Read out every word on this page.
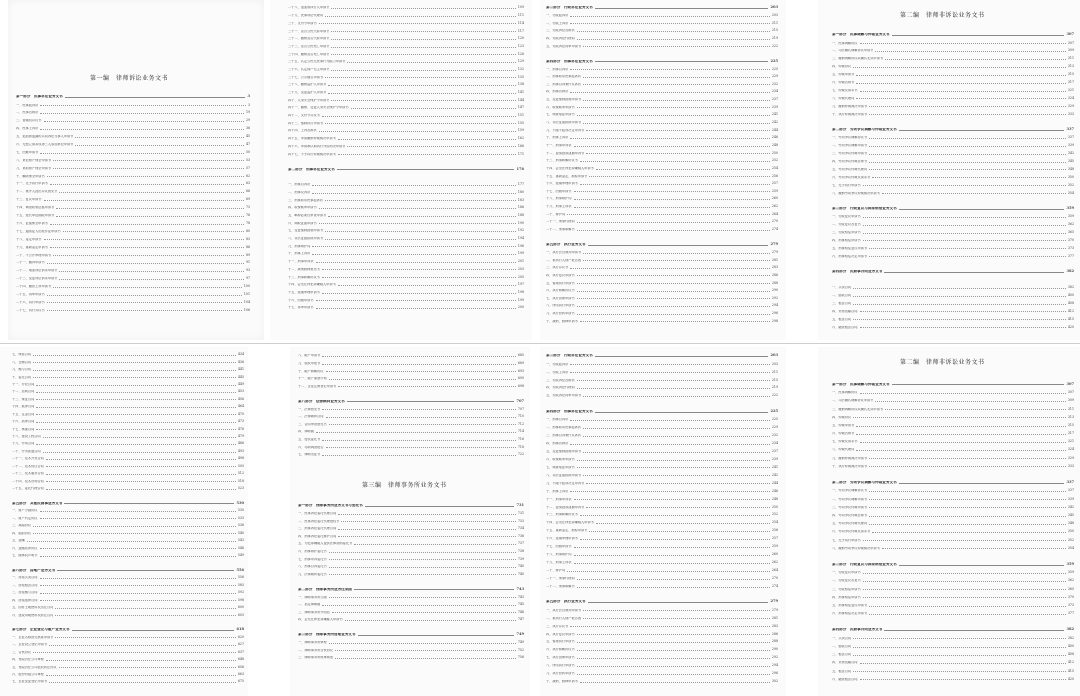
第一编　律师诉讼业务文书
第一部分　民事诉讼业务文书	3
一、民事起诉状	3
二、民事答辩状	19
三、管辖权异议书	29
四、民事上诉状	36
五、追加被遗漏的共同诉讼当事人申请书	45
六、无独立请求权第三人参加诉讼申请书	47
七、回避申请书	50
八、诉讼财产保全申请书	53
九、诉前财产保全申请书	57
十、解除保全申请书	62
十一、先予执行申请书	63
十二、案外人提出异议意见书	66
十三、复议申请书	69
十四、调查收集证据申请书	73
十五、延长举证期限申请书	76
十六、证据保全申请书	78
十七、通知证人出庭作证申请书	80
十八、鉴定申请书	83
十九、重新鉴定申请书	86
二十、不公开审理申请书	89
二十一、撤诉申请书	91
二十二、增加诉讼请求申请书	93
二十三、变更诉讼请求申请书	97
二十四、撤回上诉申请书	100
二十五、再审申请书	101
二十六、执行申请书	104
二十七、执行异议书	106
二十八、追加被执行人申请书	109
二十九、民事诉讼代理词	111
三十、支付令申请书	114
三十一、宣告公民失踪申请书	117
三十二、撤销宣告失踪申请书	120
三十三、宣告公民死亡申请书	123
三十四、撤销宣告死亡申请书	126
三十五、认定公民无民事行为能力申请书	129
三十六、认定财产无主申请书	132
三十七、公示催告申请书	135
三十八、撤销监护人申请书	138
三十九、变更监护人申请书	141
四十、人身安全保护令申请书	144
四十一、撤销、变更人身安全保护令申请书	147
四十二、支付令异议书	151
四十三、强制执行申请书	155
四十四、上诉答辩状	159
四十五、申请撤销仲裁裁决申请书	162
四十六、申请承认和执行外国判决申请书	166
四十七、不予执行仲裁裁决申请书	171
第二部分　刑事诉讼业务文书	176
一、刑事自诉状	177
二、刑事反诉状	180
三、刑事附带民事起诉状	183
四、取保候审申请书	186
五、羁押必要性审查申请书	188
六、调取证据申请书	190
七、变更强制措施申请书	192
八、非法证据排除申请书	194
九、刑事辩护词	196
十、刑事上诉状	199
十一、刑事申诉状	201
十二、减刑假释意见书	203
十三、刑事和解协议书	205
十四、会见在押犯罪嫌疑人申请书	197
十五、延期审理申请书	198
十六、回避申请书	199
十七、再审申请书	200
第三部分　行政诉讼业务文书	203
一、行政起诉状	203
二、行政上诉状	211
三、行政诉讼答辩状	215
四、行政诉讼代理词	219
五、行政诉讼再审申请书	222
第四部分　刑事诉讼业务文书	225
一、刑事自诉状	225
二、刑事附带民事起诉状	229
三、刑事自诉案件反诉状	232
四、刑事答辩状	234
五、变更强制措施申请书	237
六、取保候审申请书	239
七、调查取证申请书	241
八、非法证据排除申请书	242
九、不服不起诉决定申诉书	244
十、刑事上诉状	246
十一、刑事申诉状	248
十二、提请批准逮捕申诉书	250
十三、刑事和解协议书	252
十四、会见在押犯罪嫌疑人申请书	254
十五、重新鉴定、勘验申请书	256
十六、延期审理申请书	257
十七、回避申请书	259
十八、刑事辩护词	260
十九、刑事上诉状	262
二十、辩护词	264
二十一、刑事代理词	270
二十二、刑事和解书	274
第五部分　执行业务文书	279
一、执行法官裁判申请书	279
二、被执行人财产报告表	281
三、执行异议书	283
四、执行复议申请书	286
五、暂缓执行申请书	288
六、执行和解协议书	290
七、执行担保申请书	292
八、终结执行申请书	294
九、执行回转申请书	296
十、减刑、假释申请书	298
第二编　律师非诉讼业务文书
第一部分　民事调解与仲裁业务文书	307
一、民事调解协议	307
二、司法确认调解协议申请书	309
三、撤销调解协议或确认无效申请书	311
四、仲裁协议	313
五、仲裁申请书	315
六、仲裁答辩书	317
七、仲裁反请求书	321
八、仲裁代理词	324
九、撤销仲裁裁决申请书	329
十、执行仲裁裁决申请书	333
第二部分　劳动争议调解与仲裁业务文书	337
一、劳动争议调解协议书	337
二、劳动争议调解申请书	339
三、劳动争议仲裁申请书	342
四、劳动争议仲裁答辩书	345
五、劳动争议仲裁代理词	348
六、劳动争议仲裁反请求书	350
七、先予执行申请书	352
八、撤销劳动争议仲裁裁决申请书	354
第三部分　行政复议与国家赔偿业务文书	359
一、行政复议申请书	359
二、行政复议答复书	362
三、行政赔偿申请书	365
四、刑事赔偿申请书	370
五、刑事赔偿复议申请书	373
六、刑事赔偿决定申请书	377
第四部分　民商事合同业务文书	382
一、买卖合同	382
二、借款合同	400
三、租赁合同	408
四、货物运输合同	412
五、租赁合同	415
六、融资租赁合同	420
七、保管合同	434
八、仓储合同	436
九、赠与合同	441
十、委托合同	445
十一、行纪合同	449
十二、居间合同	453
十三、保证合同	456
十四、抵押合同	464
十五、定金合同	470
十六、质押合同	473
十七、承揽合同	476
十八、建设工程合同	479
十九、劳动合同	486
二十、劳务派遣合同	493
二十一、技术开发合同	498
二十二、技术转让合同	505
二十三、技术服务合同	512
二十四、技术咨询合同	518
二十五、委托代理合同	523
第五部分　其他民商事业务文书	530
一、财产分割协议	530
二、财产约定协议	533
三、离婚协议	536
四、婚前协议	540
五、遗嘱	543
六、遗赠扶养协议	546
七、继承权声明书	549
第六部分　房地产业务文书	556
一、房屋买卖合同	556
二、房屋租赁合同	585
三、房屋赠与合同	592
四、房屋抵押合同	598
五、国有土地使用权出让合同	600
六、建设用地使用权转让合同	603
第七部分　企业登记与破产业务文书	618
一、企业名称预先核准申请书	620
二、企业设立登记申请书	627
三、合伙协议	637
四、有限责任公司章程	648
五、有限责任公司股权转让协议	656
六、股份有限公司章程	663
七、企业变更登记申请书	675
八、破产申请书	685
九、债权申报书	689
十、破产和解协议	693
十一、破产重整计划	695
十二、企业注销登记申请书	698
第八部分　法律顾问业务文书	707
一、法律意见书	707
二、法律顾问合同	710
三、合同审查意见书	712
四、律师函	714
五、授权委托书	716
六、尽职调查报告	718
七、律师见证书	722
第三编　律师事务所业务文书
第一部分　律师事务所业务文书与委托书	731
一、民事诉讼委托代理合同	731
二、民事诉讼委托代理授权书	733
三、刑事诉讼委托代理合同	734
四、刑事诉讼委托辩护合同	736
五、为犯罪嫌疑人提供法律帮助委托书	737
六、刑事辩护委托书	738
七、刑事申诉委托书	739
八、刑事自诉委托书	740
九、法律顾问委托书	740
第二部分　律师事务所业务往来函	743
一、律师事务所公函	743
二、指定律师函	745
三、律师事务所介绍信	746
四、会见在押犯罪嫌疑人申请书	747
第三部分　律师事务所管理业务文书	749
一、律师事务所章程	749
二、律师事务所合伙协议	752
三、律师事务所规章制度	756
第三部分　行政诉讼业务文书	203
一、行政起诉状	203
二、行政上诉状	211
三、行政诉讼答辩状	215
四、行政诉讼代理词	219
五、行政诉讼再审申请书	222
第四部分　刑事诉讼业务文书	225
一、刑事自诉状	225
二、刑事附带民事起诉状	229
三、刑事自诉案件反诉状	232
四、刑事答辩状	234
五、变更强制措施申请书	237
六、取保候审申请书	239
七、调查取证申请书	241
八、非法证据排除申请书	242
九、不服不起诉决定申诉书	244
十、刑事上诉状	246
十一、刑事申诉状	248
十二、提请批准逮捕申诉书	250
十三、刑事和解协议书	252
十四、会见在押犯罪嫌疑人申请书	254
十五、重新鉴定、勘验申请书	256
十六、延期审理申请书	257
十七、回避申请书	259
十八、刑事辩护词	260
十九、刑事上诉状	262
二十、辩护词	264
二十一、刑事代理词	270
二十二、刑事和解书	274
第五部分　执行业务文书	279
一、执行法官裁判申请书	279
二、被执行人财产报告表	281
三、执行异议书	283
四、执行复议申请书	286
五、暂缓执行申请书	288
六、执行和解协议书	290
七、执行担保申请书	292
八、终结执行申请书	294
九、执行回转申请书	296
十、减刑、假释申请书	302
第二编　律师非诉讼业务文书
第一部分　民事调解与仲裁业务文书	307
一、民事调解协议	307
二、司法确认调解协议申请书	309
三、撤销调解协议或确认无效申请书	311
四、仲裁协议	313
五、仲裁申请书	315
六、仲裁答辩书	317
七、仲裁反请求书	321
八、仲裁代理词	324
九、撤销仲裁裁决申请书	329
十、执行仲裁裁决申请书	333
第二部分　劳动争议调解与仲裁业务文书	337
一、劳动争议调解协议书	337
二、劳动争议调解申请书	339
三、劳动争议仲裁申请书	342
四、劳动争议仲裁答辩书	345
五、劳动争议仲裁代理词	348
六、劳动争议仲裁反请求书	350
七、先予执行申请书	352
八、撤销劳动争议仲裁裁决申请书	354
第三部分　行政复议与国家赔偿业务文书	359
一、行政复议申请书	359
二、行政复议答复书	362
三、行政赔偿申请书	365
四、刑事赔偿申请书	370
五、刑事赔偿复议申请书	373
六、刑事赔偿决定申请书	377
第四部分　民商事合同业务文书	382
一、买卖合同	382
二、借款合同	400
三、租赁合同	408
四、货物运输合同	412
五、租赁合同	415
六、融资租赁合同	420
